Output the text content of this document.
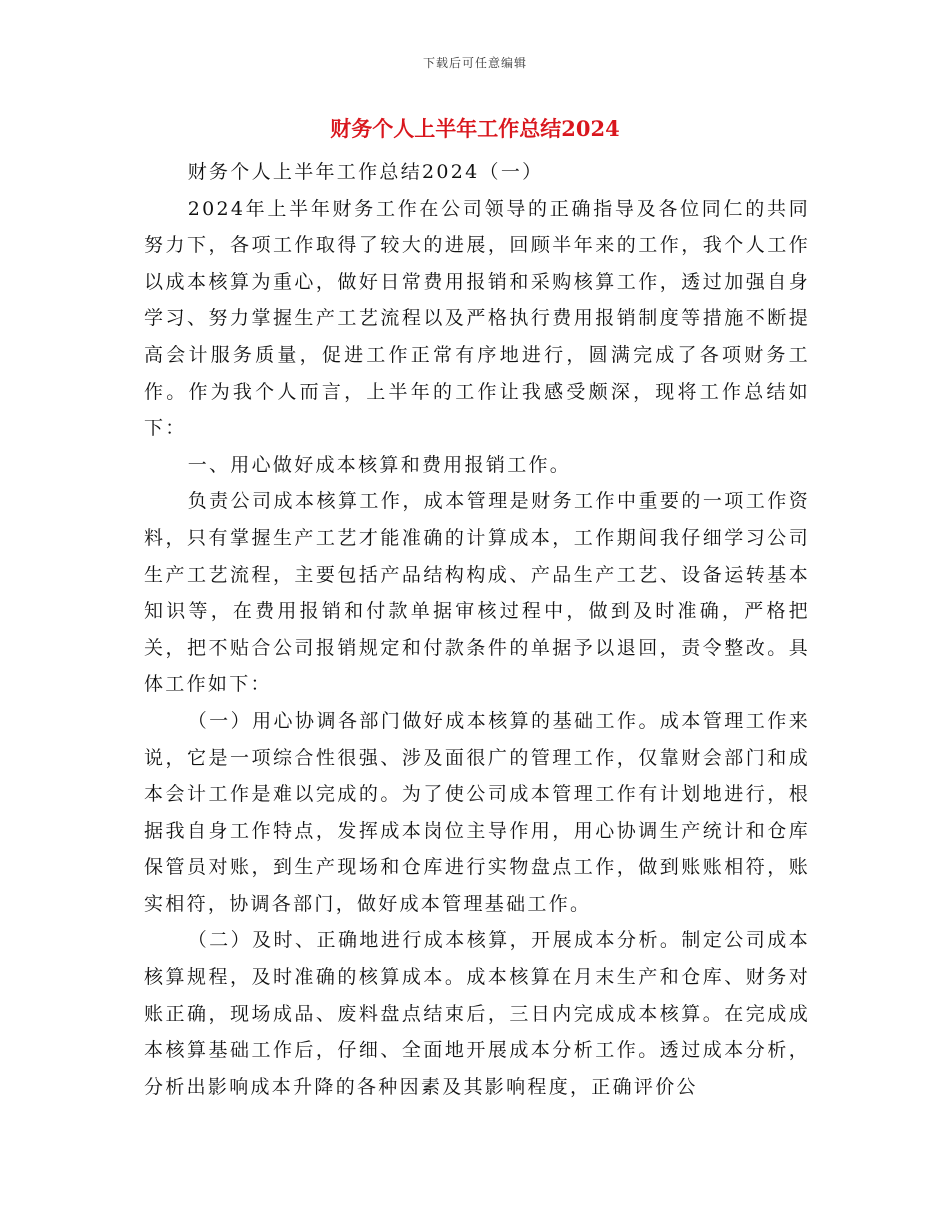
下载后可任意编辑
财务个人上半年工作总结2024

财务个人上半年工作总结2024（一）

2024年上半年财务工作在公司领导的正确指导及各位同仁的共同努力下，各项工作取得了较大的进展，回顾半年来的工作，我个人工作以成本核算为重心，做好日常费用报销和采购核算工作，透过加强自身学习、努力掌握生产工艺流程以及严格执行费用报销制度等措施不断提高会计服务质量，促进工作正常有序地进行，圆满完成了各项财务工作。作为我个人而言，上半年的工作让我感受颇深，现将工作总结如下：

一、用心做好成本核算和费用报销工作。

负责公司成本核算工作，成本管理是财务工作中重要的一项工作资料，只有掌握生产工艺才能准确的计算成本，工作期间我仔细学习公司生产工艺流程，主要包括产品结构构成、产品生产工艺、设备运转基本知识等，在费用报销和付款单据审核过程中，做到及时准确，严格把关，把不贴合公司报销规定和付款条件的单据予以退回，责令整改。具体工作如下：

（一）用心协调各部门做好成本核算的基础工作。成本管理工作来说，它是一项综合性很强、涉及面很广的管理工作，仅靠财会部门和成本会计工作是难以完成的。为了使公司成本管理工作有计划地进行，根据我自身工作特点，发挥成本岗位主导作用，用心协调生产统计和仓库保管员对账，到生产现场和仓库进行实物盘点工作，做到账账相符，账实相符，协调各部门，做好成本管理基础工作。

（二）及时、正确地进行成本核算，开展成本分析。制定公司成本核算规程，及时准确的核算成本。成本核算在月末生产和仓库、财务对账正确，现场成品、废料盘点结束后，三日内完成成本核算。在完成成本核算基础工作后，仔细、全面地开展成本分析工作。透过成本分析，分析出影响成本升降的各种因素及其影响程度，正确评价公
